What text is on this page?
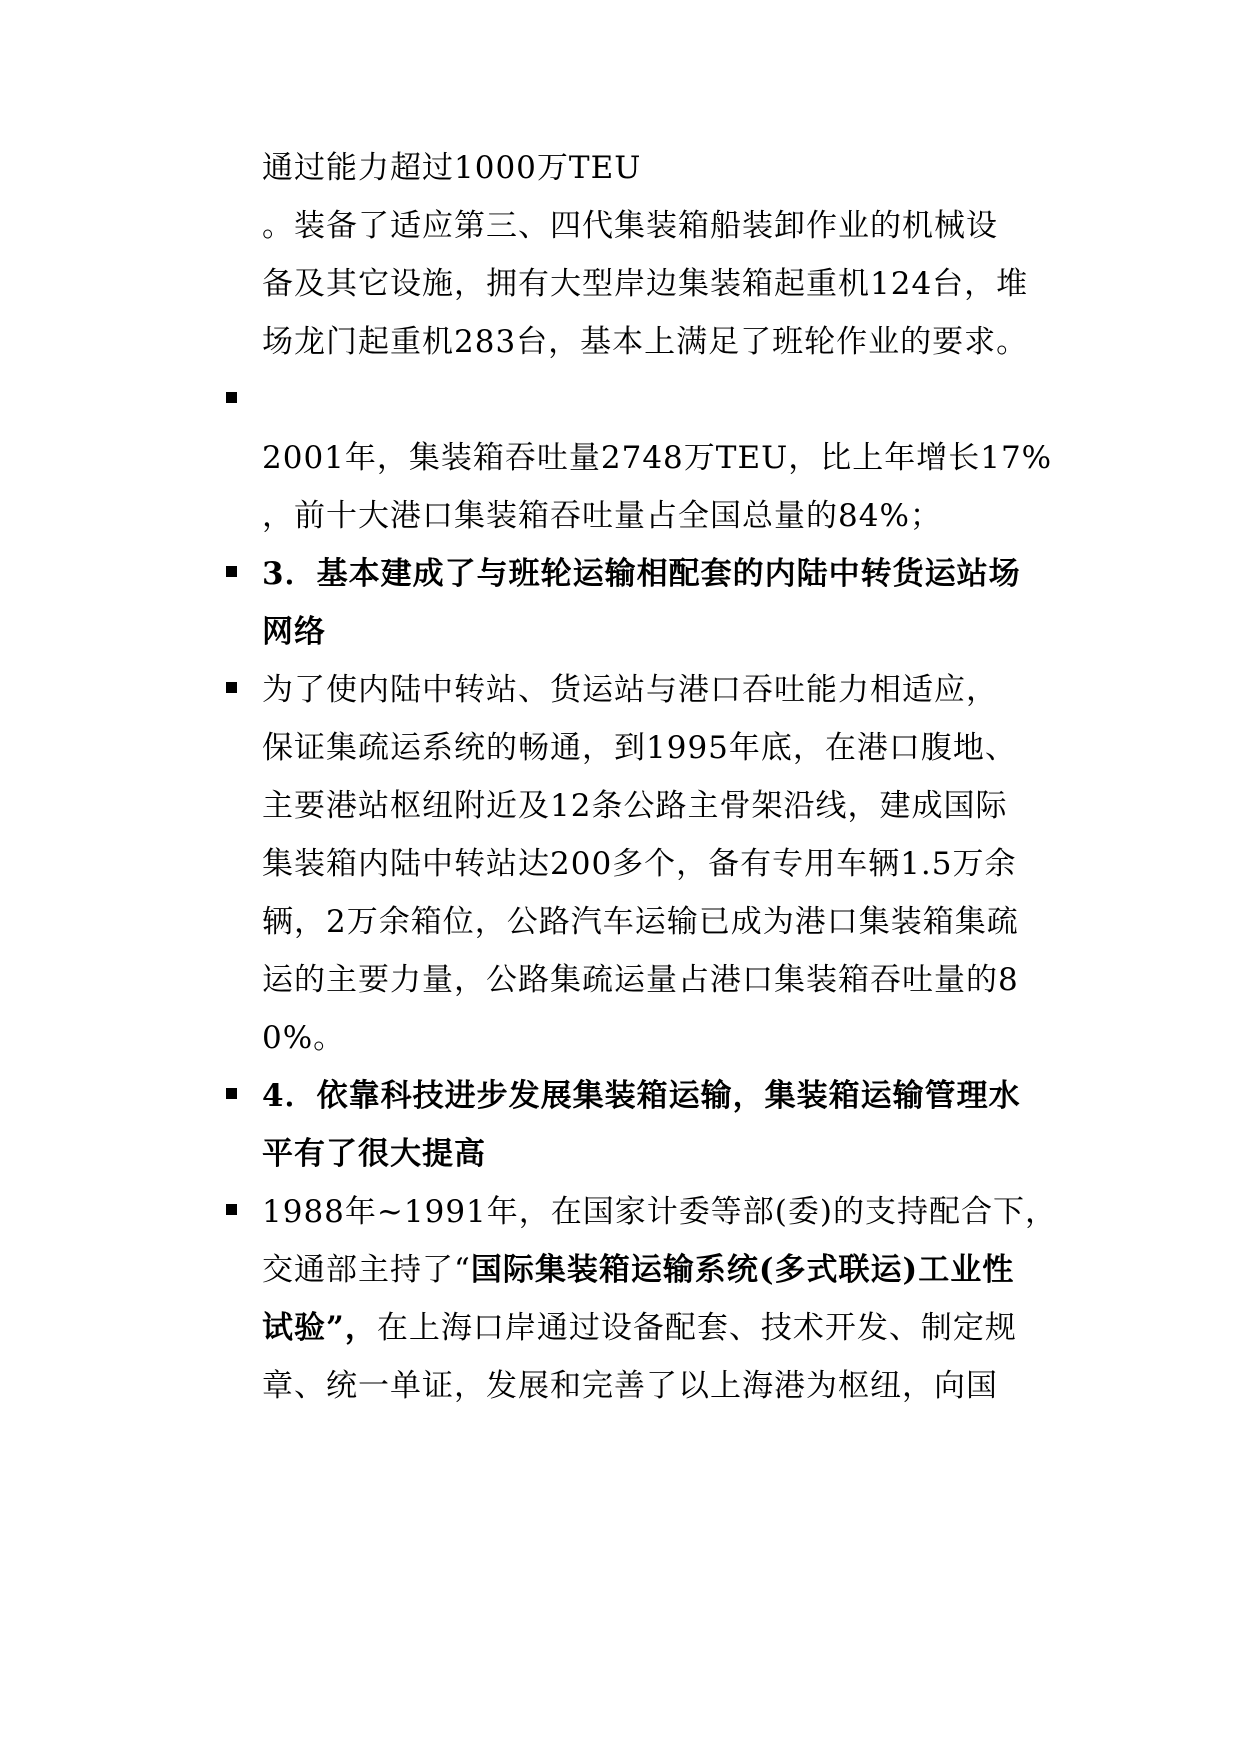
通过能力超过1000万TEU
。装备了适应第三、四代集装箱船装卸作业的机械设
备及其它设施，拥有大型岸边集装箱起重机124台，堆
场龙门起重机283台，基本上满足了班轮作业的要求。
2001年，集装箱吞吐量2748万TEU，比上年增长17%
，前十大港口集装箱吞吐量占全国总量的84%；
3．基本建成了与班轮运输相配套的内陆中转货运站场
网络
为了使内陆中转站、货运站与港口吞吐能力相适应，
保证集疏运系统的畅通，到1995年底，在港口腹地、
主要港站枢纽附近及12条公路主骨架沿线，建成国际
集装箱内陆中转站达200多个，备有专用车辆1.5万余
辆，2万余箱位，公路汽车运输已成为港口集装箱集疏
运的主要力量，公路集疏运量占港口集装箱吞吐量的8
0%。
4．依靠科技进步发展集装箱运输，集装箱运输管理水
平有了很大提高
1988年~1991年，在国家计委等部(委)的支持配合下，
交通部主持了“国际集装箱运输系统(多式联运)工业性
试验”，在上海口岸通过设备配套、技术开发、制定规
章、统一单证，发展和完善了以上海港为枢纽，向国
